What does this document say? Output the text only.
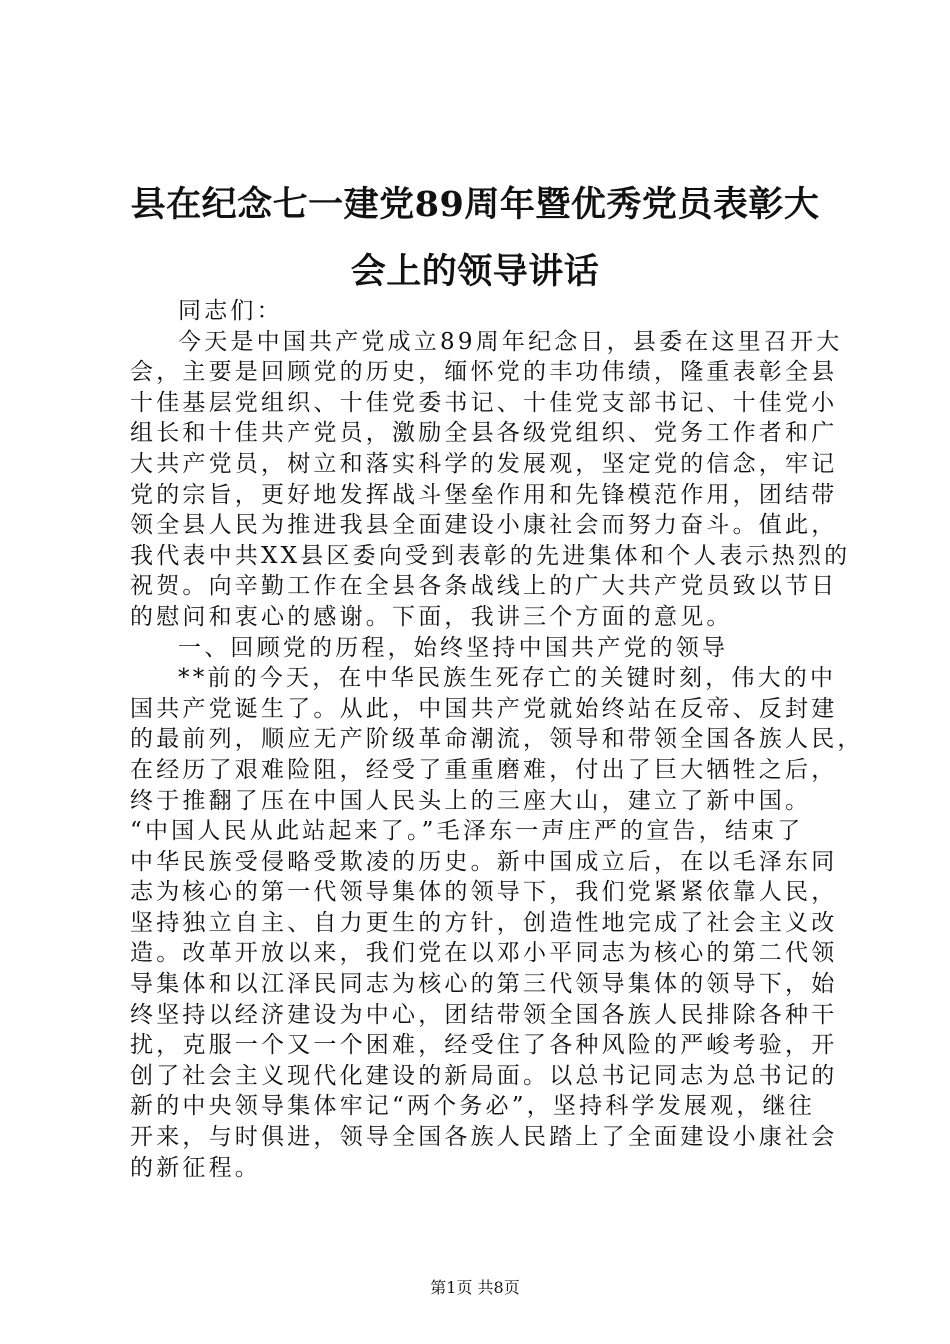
县在纪念七一建党89周年暨优秀党员表彰大
会上的领导讲话
同志们：
今天是中国共产党成立89周年纪念日，县委在这里召开大
会，主要是回顾党的历史，缅怀党的丰功伟绩，隆重表彰全县
十佳基层党组织、十佳党委书记、十佳党支部书记、十佳党小
组长和十佳共产党员，激励全县各级党组织、党务工作者和广
大共产党员，树立和落实科学的发展观，坚定党的信念，牢记
党的宗旨，更好地发挥战斗堡垒作用和先锋模范作用，团结带
领全县人民为推进我县全面建设小康社会而努力奋斗。值此，
我代表中共XX县区委向受到表彰的先进集体和个人表示热烈的
祝贺。向辛勤工作在全县各条战线上的广大共产党员致以节日
的慰问和衷心的感谢。下面，我讲三个方面的意见。
一、回顾党的历程，始终坚持中国共产党的领导
**前的今天，在中华民族生死存亡的关键时刻，伟大的中
国共产党诞生了。从此，中国共产党就始终站在反帝、反封建
的最前列，顺应无产阶级革命潮流，领导和带领全国各族人民，
在经历了艰难险阻，经受了重重磨难，付出了巨大牺牲之后，
终于推翻了压在中国人民头上的三座大山，建立了新中国。
“中国人民从此站起来了。”毛泽东一声庄严的宣告，结束了
中华民族受侵略受欺凌的历史。新中国成立后，在以毛泽东同
志为核心的第一代领导集体的领导下，我们党紧紧依靠人民，
坚持独立自主、自力更生的方针，创造性地完成了社会主义改
造。改革开放以来，我们党在以邓小平同志为核心的第二代领
导集体和以江泽民同志为核心的第三代领导集体的领导下，始
终坚持以经济建设为中心，团结带领全国各族人民排除各种干
扰，克服一个又一个困难，经受住了各种风险的严峻考验，开
创了社会主义现代化建设的新局面。以总书记同志为总书记的
新的中央领导集体牢记“两个务必”，坚持科学发展观，继往
开来，与时俱进，领导全国各族人民踏上了全面建设小康社会
的新征程。
第1页 共8页
